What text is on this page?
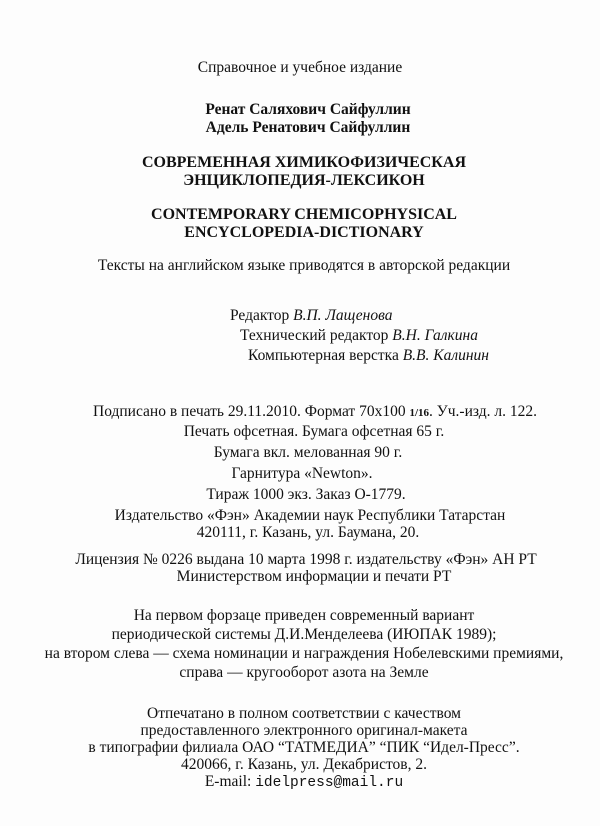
Справочное и учебное издание
Ренат Саляхович Сайфуллин
Адель Ренатович Сайфуллин
СОВРЕМЕННАЯ ХИМИКОФИЗИЧЕСКАЯ
ЭНЦИКЛОПЕДИЯ-ЛЕКСИКОН
CONTEMPORARY CHEMICOPHYSICAL
ENCYCLOPEDIA-DICTIONARY
Тексты на английском языке приводятся в авторской редакции
Редактор В.П. Лащенова
Технический редактор В.Н. Галкина
Компьютерная верстка В.В. Калинин
Подписано в печать 29.11.2010. Формат 70х100 1/16. Уч.-изд. л. 122.
Печать офсетная. Бумага офсетная 65 г.
Бумага вкл. мелованная 90 г.
Гарнитура «Newton».
Тираж 1000 экз. Заказ О-1779.
Издательство «Фэн» Академии наук Республики Татарстан
420111, г. Казань, ул. Баумана, 20.
Лицензия № 0226 выдана 10 марта 1998 г. издательству «Фэн» АН РТ
Министерством информации и печати РТ
На первом форзаце приведен современный вариант
периодической системы Д.И.Менделеева (ИЮПАК 1989);
на втором слева — схема номинации и награждения Нобелевскими премиями,
справа — кругооборот азота на Земле
Отпечатано в полном соответствии с качеством
предоставленного электронного оригинал-макета
в типографии филиала ОАО “ТАТМЕДИА” “ПИК “Идел-Пресс”.
420066, г. Казань, ул. Декабристов, 2.
E-mail: idelpress@mail.ru
